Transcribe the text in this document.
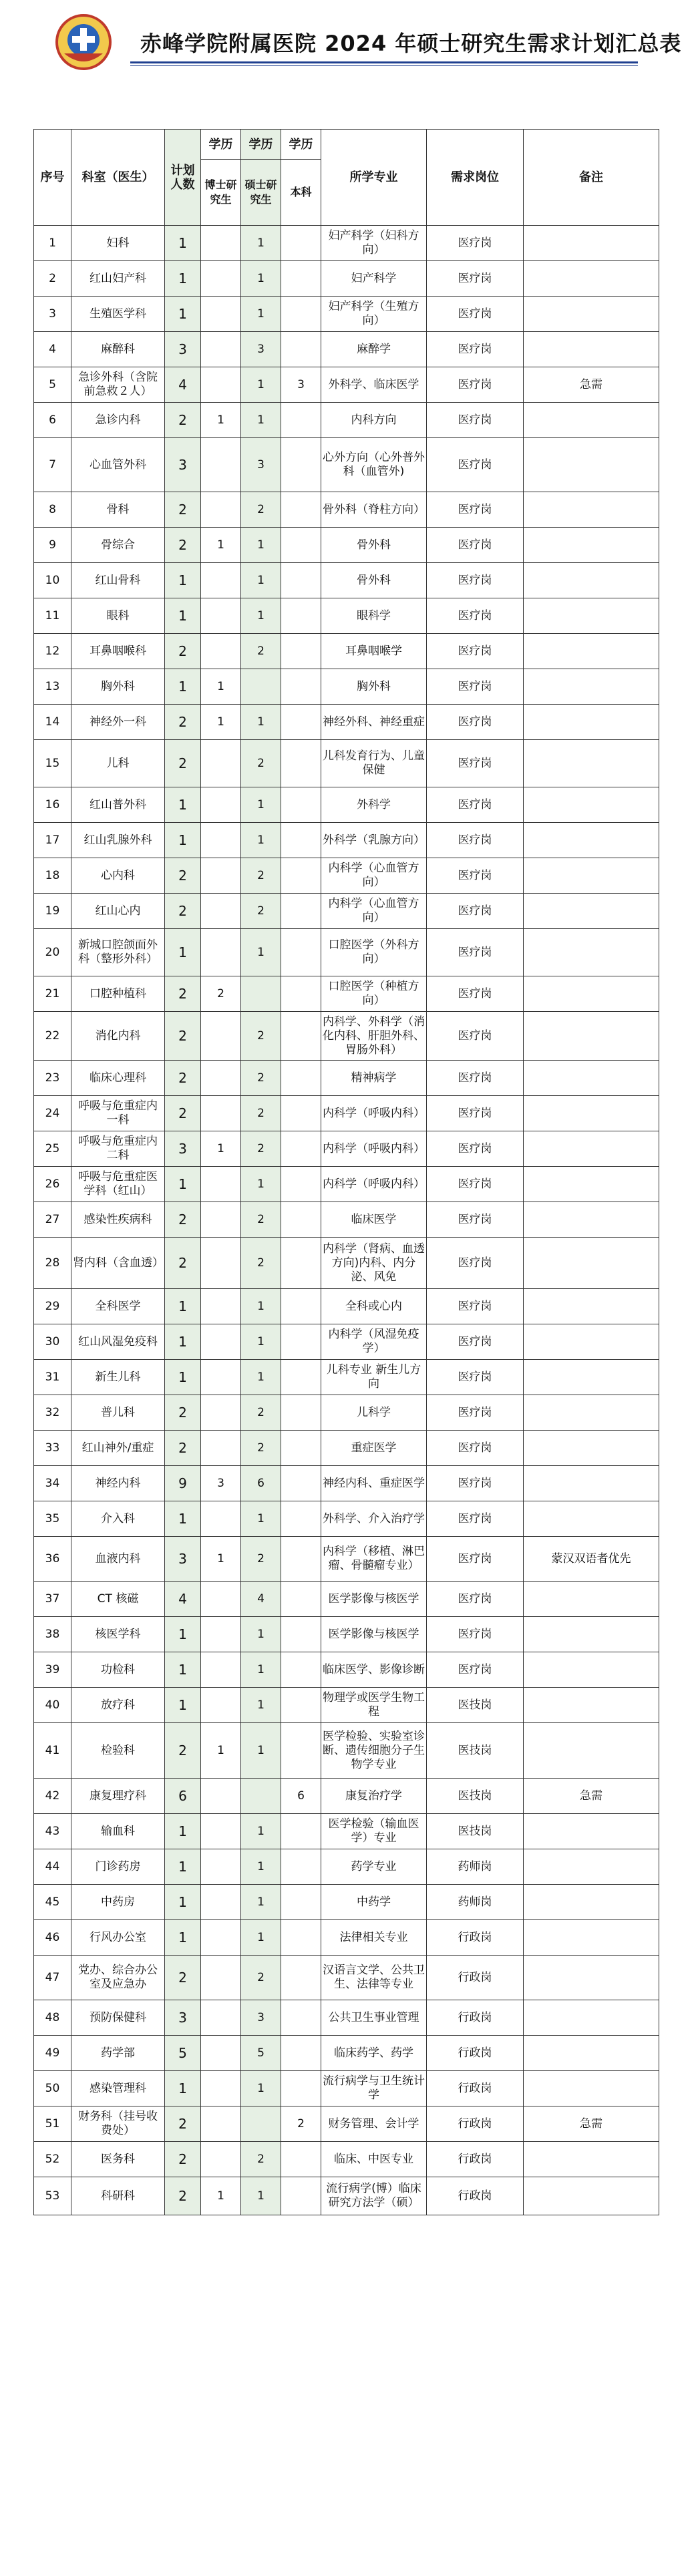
赤峰学院附属医院 2024 年硕士研究生需求计划汇总表
序号	科室（医生）	计划人数	学历	学历	学历	所学专业	需求岗位	备注
			博士研究生	硕士研究生	本科			
1	妇科	1		1		妇产科学（妇科方向）	医疗岗	
2	红山妇产科	1		1		妇产科学	医疗岗	
3	生殖医学科	1		1		妇产科学（生殖方向）	医疗岗	
4	麻醉科	3		3		麻醉学	医疗岗	
5	急诊外科（含院前急救２人）	4		1	3	外科学、临床医学	医疗岗	急需
6	急诊内科	2	1	1		内科方向	医疗岗	
7	心血管外科	3		3		心外方向（心外普外科（血管外)	医疗岗	
8	骨科	2		2		骨外科（脊柱方向）	医疗岗	
9	骨综合	2	1	1		骨外科	医疗岗	
10	红山骨科	1		1		骨外科	医疗岗	
11	眼科	1		1		眼科学	医疗岗	
12	耳鼻咽喉科	2		2		耳鼻咽喉学	医疗岗	
13	胸外科	1	1			胸外科	医疗岗	
14	神经外一科	2	1	1		神经外科、神经重症	医疗岗	
15	儿科	2		2		儿科发育行为、儿童保健	医疗岗	
16	红山普外科	1		1		外科学	医疗岗	
17	红山乳腺外科	1		1		外科学（乳腺方向）	医疗岗	
18	心内科	2		2		内科学（心血管方向）	医疗岗	
19	红山心内	2		2		内科学（心血管方向）	医疗岗	
20	新城口腔颌面外科（整形外科）	1		1		口腔医学（外科方向）	医疗岗	
21	口腔种植科	2	2			口腔医学（种植方向）	医疗岗	
22	消化内科	2		2		内科学、外科学（消化内科、肝胆外科、胃肠外科）	医疗岗	
23	临床心理科	2		2		精神病学	医疗岗	
24	呼吸与危重症内一科	2		2		内科学（呼吸内科）	医疗岗	
25	呼吸与危重症内二科	3	1	2		内科学（呼吸内科）	医疗岗	
26	呼吸与危重症医学科（红山）	1		1		内科学（呼吸内科）	医疗岗	
27	感染性疾病科	2		2		临床医学	医疗岗	
28	肾内科（含血透）	2		2		内科学（肾病、血透方向)内科、内分泌、风免	医疗岗	
29	全科医学	1		1		全科或心内	医疗岗	
30	红山风湿免疫科	1		1		内科学（风湿免疫学）	医疗岗	
31	新生儿科	1		1		儿科专业 新生儿方向	医疗岗	
32	普儿科	2		2		儿科学	医疗岗	
33	红山神外/重症	2		2		重症医学	医疗岗	
34	神经内科	9	3	6		神经内科、重症医学	医疗岗	
35	介入科	1		1		外科学、介入治疗学	医疗岗	
36	血液内科	3	1	2		内科学（移植、淋巴瘤、骨髓瘤专业）	医疗岗	蒙汉双语者优先
37	CT 核磁	4		4		医学影像与核医学	医疗岗	
38	核医学科	1		1		医学影像与核医学	医疗岗	
39	功检科	1		1		临床医学、影像诊断	医疗岗	
40	放疗科	1		1		物理学或医学生物工程	医技岗	
41	检验科	2	1	1		医学检验、实验室诊断、遗传细胞分子生物学专业	医技岗	
42	康复理疗科	6			6	康复治疗学	医技岗	急需
43	输血科	1		1		医学检验（输血医学）专业	医技岗	
44	门诊药房	1		1		药学专业	药师岗	
45	中药房	1		1		中药学	药师岗	
46	行风办公室	1		1		法律相关专业	行政岗	
47	党办、综合办公室及应急办	2		2		汉语言文学、公共卫生、法律等专业	行政岗	
48	预防保健科	3		3		公共卫生事业管理	行政岗	
49	药学部	5		5		临床药学、药学	行政岗	
50	感染管理科	1		1		流行病学与卫生统计学	行政岗	
51	财务科（挂号收费处）	2			2	财务管理、会计学	行政岗	急需
52	医务科	2		2		临床、中医专业	行政岗	
53	科研科	2	1	1		流行病学(博）临床研究方法学（硕）	行政岗	
